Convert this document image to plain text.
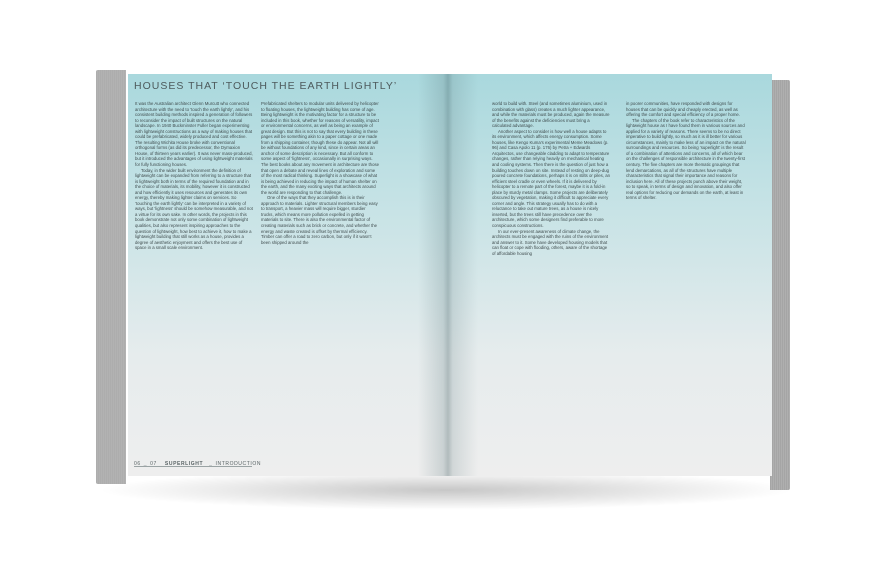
HOUSES THAT ‘TOUCH THE EARTH LIGHTLY’

It was the Australian architect Glenn Murcutt who connected architecture with the need to ‘touch the earth lightly’, and his consistent building methods inspired a generation of followers to reconsider the impact of built structures on the natural landscape. In 1940 Buckminster Fuller began experimenting with lightweight constructions as a way of making houses that could be prefabricated, widely produced and cost effective. The resulting Wichita House broke with conventional orthogonal forms (as did its predecessor, the Dymaxion House, of thirteen years earlier). It was never mass-produced, but it introduced the advantages of using lightweight materials for fully functioning houses.

Today, in the wider built environment the definition of lightweight can be expanded from referring to a structure that is lightweight both in terms of the required foundation and in the choice of materials, its mobility, however it is constructed and how efficiently it uses resources and generates its own energy, thereby making lighter claims on services. So ‘touching the earth lightly’ can be interpreted in a variety of ways, but ‘lightness’ should be somehow measurable, and not a virtue for its own sake. In other words, the projects in this book demonstrate not only some combination of lightweight qualities, but also represent inspiring approaches to the question of lightweight, how best to achieve it, how to make a lightweight building that still works as a house, provides a degree of aesthetic enjoyment and offers the best use of space in a small scale environment.

Prefabricated shelters to modular units delivered by helicopter to floating houses, the lightweight building has come of age. Being lightweight is the motivating factor for a structure to be included in this book, whether for reasons of versatility, impact or environmental concerns, as well as being an example of great design. But this is not to say that every building in these pages will be something akin to a paper cottage or one made from a shipping container, though these do appear. Not all will be without foundations of any kind, since in certain areas an anchor of some description is necessary. But all conform to some aspect of ‘lightness’, occasionally in surprising ways. The best books about any movement in architecture are those that open a debate and reveal lines of exploration and some of the most radical thinking. Superlight is a showcase of what is being achieved in reducing the impact of human shelter on the earth, and the many exciting ways that architects around the world are responding to that challenge.

One of the ways that they accomplish this is in their approach to materials. Lighter structural members being easy to transport, a heavier mass will require bigger, sturdier trucks, which means more pollution expelled in getting materials to site. There is also the environmental factor of creating materials such as brick or concrete, and whether the energy and waste created is offset by thermal efficiency. Timber can offer a road to zero carbon, but only if it wasn’t been shipped around the

world to build with. Steel (and sometimes aluminium, used in combination with glass) creates a much lighter appearance, and while the materials must be produced, again the measure of the benefits against the deficiencies must bring a calculated advantage.

Another aspect to consider is how well a house adapts to its environment, which affects energy consumption. Some houses, like Kengo Kuma’s experimental Meme Meadows (p. 96) and Casa Apolo 11 (p. 176) by Petra + Edwards Arquitectos, use changeable cladding to adapt to temperature changes, rather than relying heavily on mechanical heating and cooling systems. Then there is the question of just how a building touches down on site. Instead of resting on deep-dug poured concrete foundations, perhaps it is on stilts or piles, an efficient steel cradle or even wheels. If it is delivered by helicopter to a remote part of the forest, maybe it is a fold-in place by sturdy metal clamps. Some projects are deliberately obscured by vegetation, making it difficult to appreciate every corner and angle. This strategy usually has to do with a reluctance to take out mature trees, as a house is nicely inserted, but the trees still have precedence over the architecture, which some designers find preferable to more conspicuous constructions.

In our ever-present awareness of climate change, the architects must be engaged with the ruins of the environment and answer to it. Some have developed housing models that can float or cope with flooding, others, aware of the shortage of affordable housing

in poorer communities, have responded with designs for houses that can be quickly and cheaply erected, as well as offering the comfort and special efficiency of a proper home.

The chapters of the book refer to characteristics of the lightweight house as I have found them in various sources and applied for a variety of reasons. There seems to be no direct imperative to build lightly, so much as it is ill better for various circumstances, mainly to make less of an impact on the natural surroundings and resources. So being ‘superlight’ is the result of a combination of attentions and concerns, all of which bear on the challenges of responsible architecture in the twenty-first century. The five chapters are more thematic groupings that lend demarcations, as all of the structures have multiple characteristics that signal their importance and reasons for inclusion here. All of these projects punch above their weight, so to speak, in terms of design and innovation, and also offer real options for reducing our demands on the earth, at least in terms of shelter.

06 _ 07 SUPERLIGHT _ INTRODUCTION
